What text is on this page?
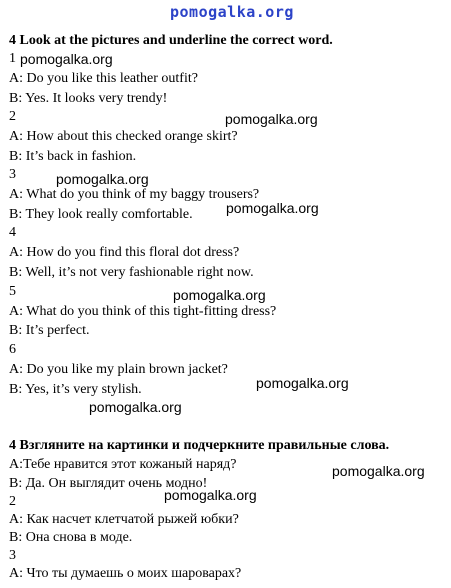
pomogalka.org
4 Look at the pictures and underline the correct word.
1 pomogalka.org
A: Do you like this leather outfit?
B: Yes. It looks very trendy!
2	pomogalka.org
A: How about this checked orange skirt?
B: It’s back in fashion.
3	pomogalka.org
A: What do you think of my baggy trousers?
pomogalka.org
B: They look really comfortable.
4
A: How do you find this floral dot dress?
B: Well, it’s not very fashionable right now.
5	pomogalka.org
A: What do you think of this tight-fitting dress?
B: It’s perfect.
6
A: Do you like my plain brown jacket?
pomogalka.org
B: Yes, it’s very stylish.
pomogalka.org
4 Взгляните на картинки и подчеркните правильные слова.
A:Тебе нравится этот кожаный наряд?	pomogalka.org
B: Да. Он выглядит очень модно!
pomogalka.org
2
A: Как насчет клетчатой рыжей юбки?
B: Она снова в моде.
3
A: Что ты думаешь о моих шароварах?
